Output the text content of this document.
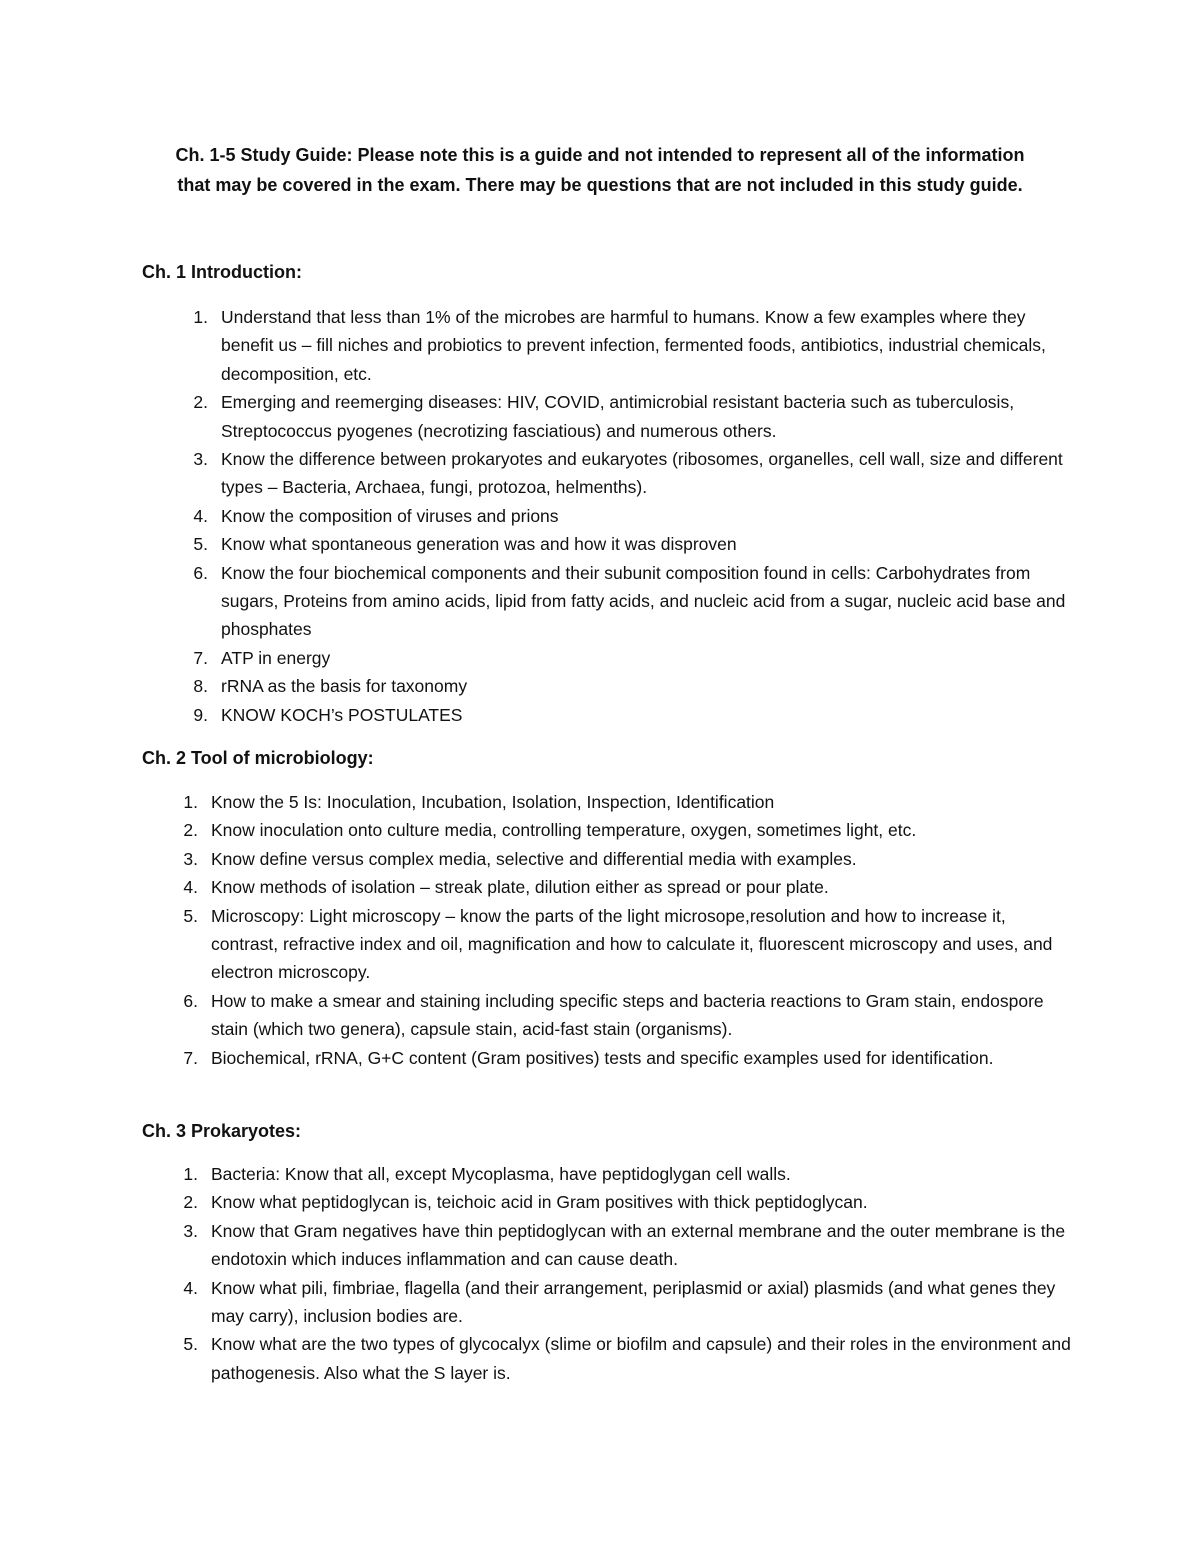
Ch. 1-5 Study Guide: Please note this is a guide and not intended to represent all of the information
that may be covered in the exam. There may be questions that are not included in this study guide.
Ch. 1 Introduction:
1. Understand that less than 1% of the microbes are harmful to humans. Know a few examples where they benefit us – fill niches and probiotics to prevent infection, fermented foods, antibiotics, industrial chemicals, decomposition, etc.
2. Emerging and reemerging diseases: HIV, COVID, antimicrobial resistant bacteria such as tuberculosis, Streptococcus pyogenes (necrotizing fasciatious) and numerous others.
3. Know the difference between prokaryotes and eukaryotes (ribosomes, organelles, cell wall, size and different types – Bacteria, Archaea, fungi, protozoa, helmenths).
4. Know the composition of viruses and prions
5. Know what spontaneous generation was and how it was disproven
6. Know the four biochemical components and their subunit composition found in cells: Carbohydrates from sugars, Proteins from amino acids, lipid from fatty acids, and nucleic acid from a sugar, nucleic acid base and phosphates
7. ATP in energy
8. rRNA as the basis for taxonomy
9. KNOW KOCH’s POSTULATES
Ch. 2 Tool of microbiology:
1. Know the 5 Is: Inoculation, Incubation, Isolation, Inspection, Identification
2. Know inoculation onto culture media, controlling temperature, oxygen, sometimes light, etc.
3. Know define versus complex media, selective and differential media with examples.
4. Know methods of isolation – streak plate, dilution either as spread or pour plate.
5. Microscopy: Light microscopy – know the parts of the light microsope,resolution and how to increase it, contrast, refractive index and oil, magnification and how to calculate it, fluorescent microscopy and uses, and electron microscopy.
6. How to make a smear and staining including specific steps and bacteria reactions to Gram stain, endospore stain (which two genera), capsule stain, acid-fast stain (organisms).
7. Biochemical, rRNA, G+C content (Gram positives) tests and specific examples used for identification.
Ch. 3 Prokaryotes:
1. Bacteria: Know that all, except Mycoplasma, have peptidoglygan cell walls.
2. Know what peptidoglycan is, teichoic acid in Gram positives with thick peptidoglycan.
3. Know that Gram negatives have thin peptidoglycan with an external membrane and the outer membrane is the endotoxin which induces inflammation and can cause death.
4. Know what pili, fimbriae, flagella (and their arrangement, periplasmid or axial) plasmids (and what genes they may carry), inclusion bodies are.
5. Know what are the two types of glycocalyx (slime or biofilm and capsule) and their roles in the environment and pathogenesis. Also what the S layer is.
